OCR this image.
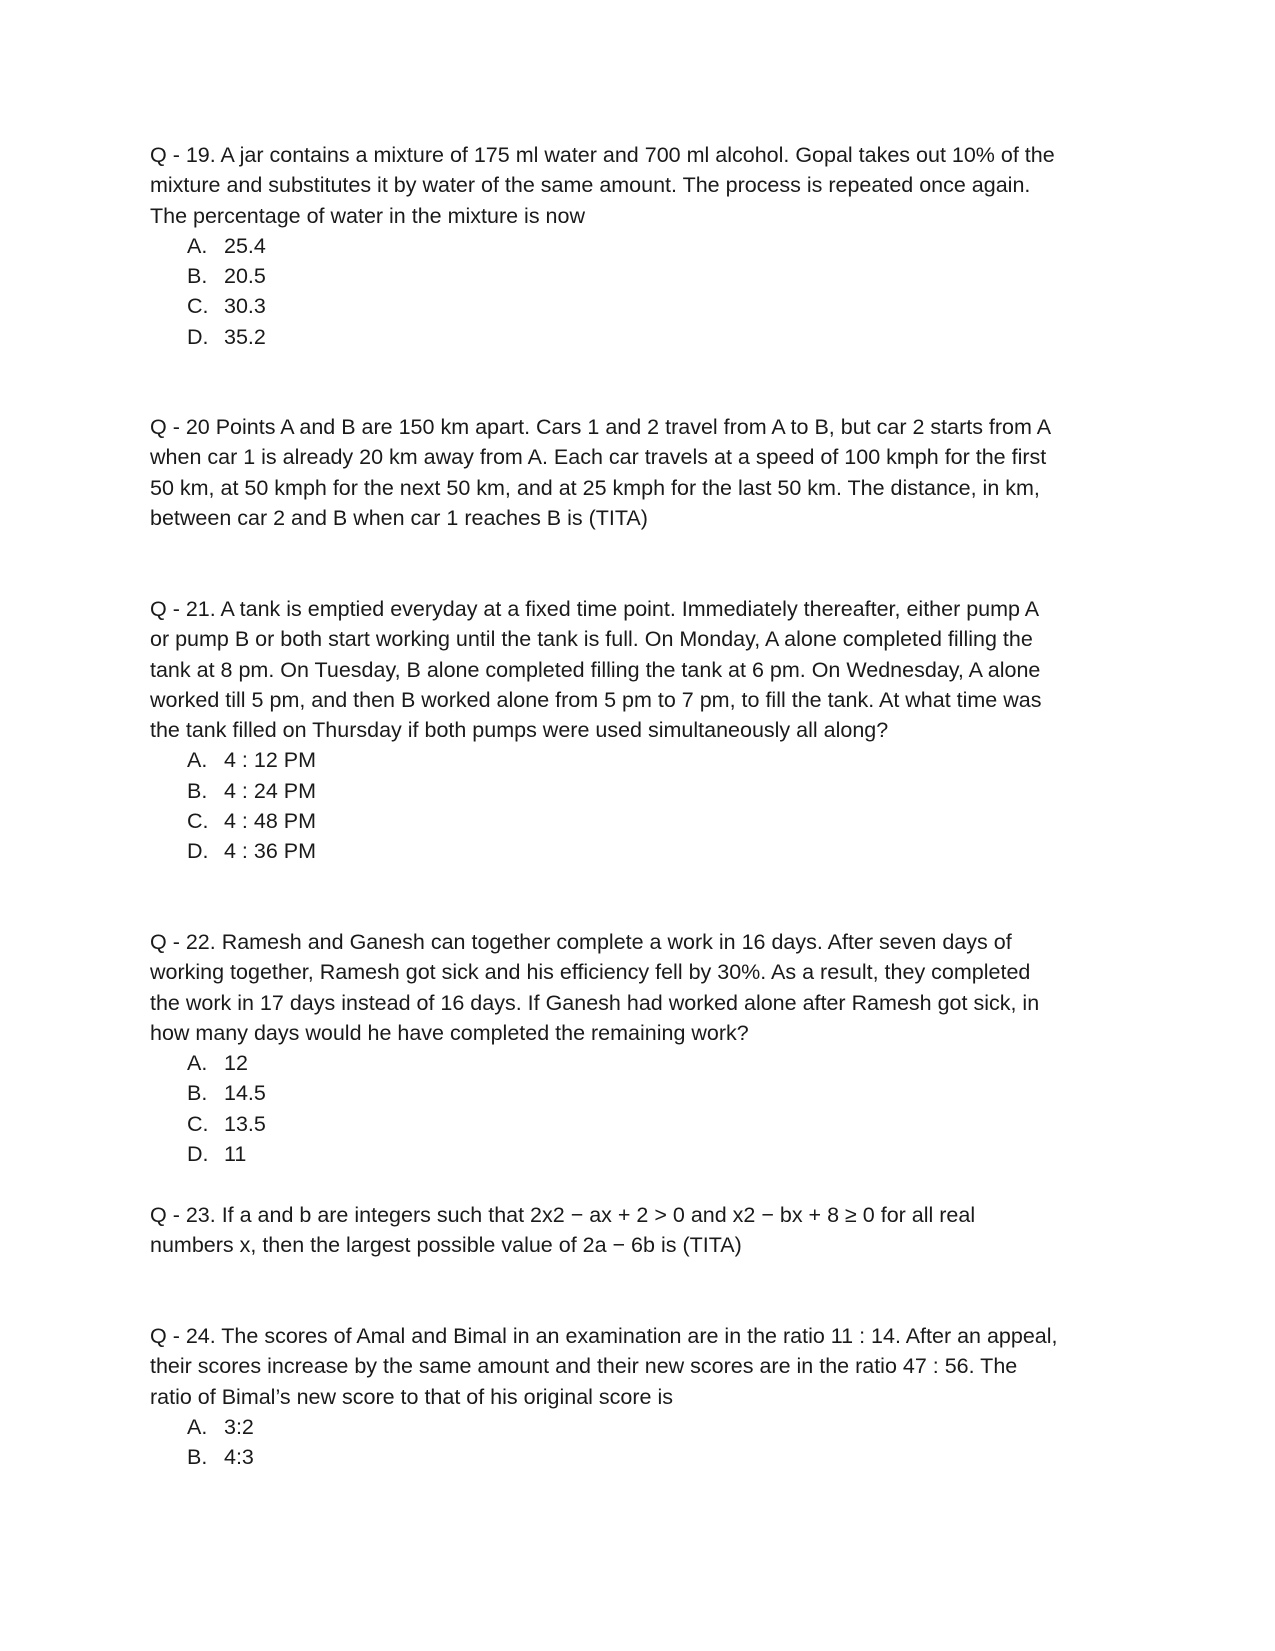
Q - 19. A jar contains a mixture of 175 ml water and 700 ml alcohol. Gopal takes out 10% of the
mixture and substitutes it by water of the same amount. The process is repeated once again.
The percentage of water in the mixture is now

A. 25.4
B. 20.5
C. 30.3
D. 35.2

Q - 20 Points A and B are 150 km apart. Cars 1 and 2 travel from A to B, but car 2 starts from A
when car 1 is already 20 km away from A. Each car travels at a speed of 100 kmph for the first
50 km, at 50 kmph for the next 50 km, and at 25 kmph for the last 50 km. The distance, in km,
between car 2 and B when car 1 reaches B is (TITA)

Q - 21. A tank is emptied everyday at a fixed time point. Immediately thereafter, either pump A
or pump B or both start working until the tank is full. On Monday, A alone completed filling the
tank at 8 pm. On Tuesday, B alone completed filling the tank at 6 pm. On Wednesday, A alone
worked till 5 pm, and then B worked alone from 5 pm to 7 pm, to fill the tank. At what time was
the tank filled on Thursday if both pumps were used simultaneously all along?

A. 4 : 12 PM
B. 4 : 24 PM
C. 4 : 48 PM
D. 4 : 36 PM

Q - 22. Ramesh and Ganesh can together complete a work in 16 days. After seven days of
working together, Ramesh got sick and his efficiency fell by 30%. As a result, they completed
the work in 17 days instead of 16 days. If Ganesh had worked alone after Ramesh got sick, in
how many days would he have completed the remaining work?

A. 12
B. 14.5
C. 13.5
D. 11

Q - 23. If a and b are integers such that 2x2 − ax + 2 > 0 and x2 − bx + 8 ≥ 0 for all real
numbers x, then the largest possible value of 2a − 6b is (TITA)

Q - 24. The scores of Amal and Bimal in an examination are in the ratio 11 : 14. After an appeal,
their scores increase by the same amount and their new scores are in the ratio 47 : 56. The
ratio of Bimal’s new score to that of his original score is

A. 3:2
B. 4:3
